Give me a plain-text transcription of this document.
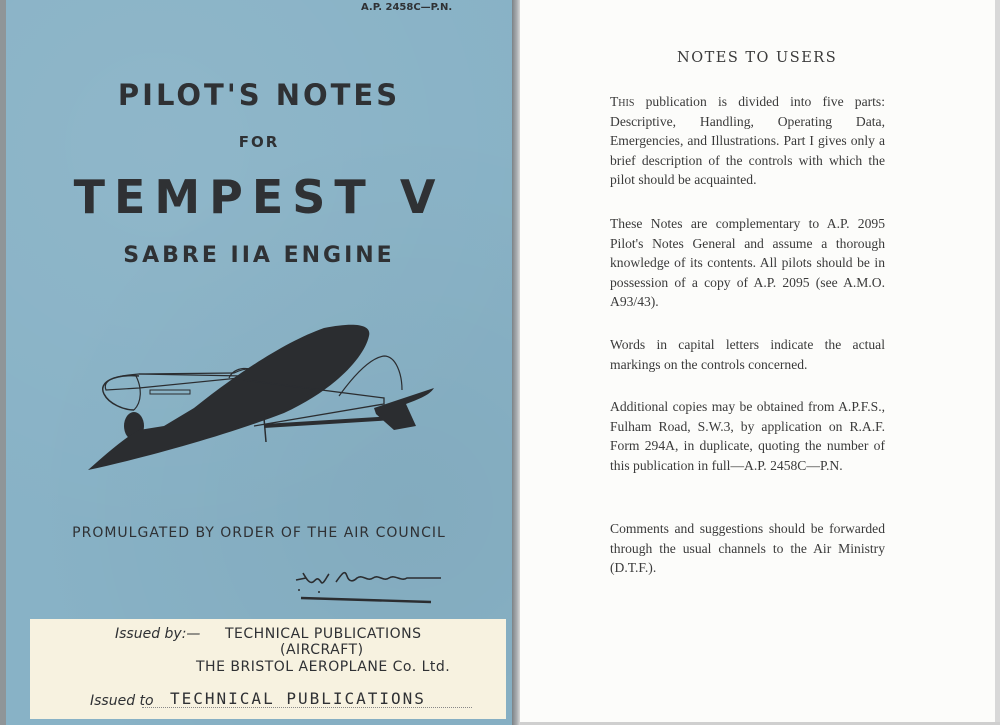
A.P. 2458C—P.N.
PILOT'S NOTES
FOR
TEMPEST V
SABRE IIA ENGINE
PROMULGATED BY ORDER OF THE AIR COUNCIL
Issued by:— TECHNICAL PUBLICATIONS
(AIRCRAFT)
THE BRISTOL AEROPLANE Co. Ltd.
Issued to TECHNICAL PUBLICATIONS
NOTES TO USERS
This publication is divided into five parts: Descriptive, Handling, Operating Data, Emergencies, and Illustrations. Part I gives only a brief description of the controls with which the pilot should be acquainted.
These Notes are complementary to A.P. 2095 Pilot's Notes General and assume a thorough knowledge of its contents. All pilots should be in possession of a copy of A.P. 2095 (see A.M.O. A93/43).
Words in capital letters indicate the actual markings on the controls concerned.
Additional copies may be obtained from A.P.F.S., Fulham Road, S.W.3, by application on R.A.F. Form 294A, in duplicate, quoting the number of this publication in full—A.P. 2458C—P.N.
Comments and suggestions should be forwarded through the usual channels to the Air Ministry (D.T.F.).
